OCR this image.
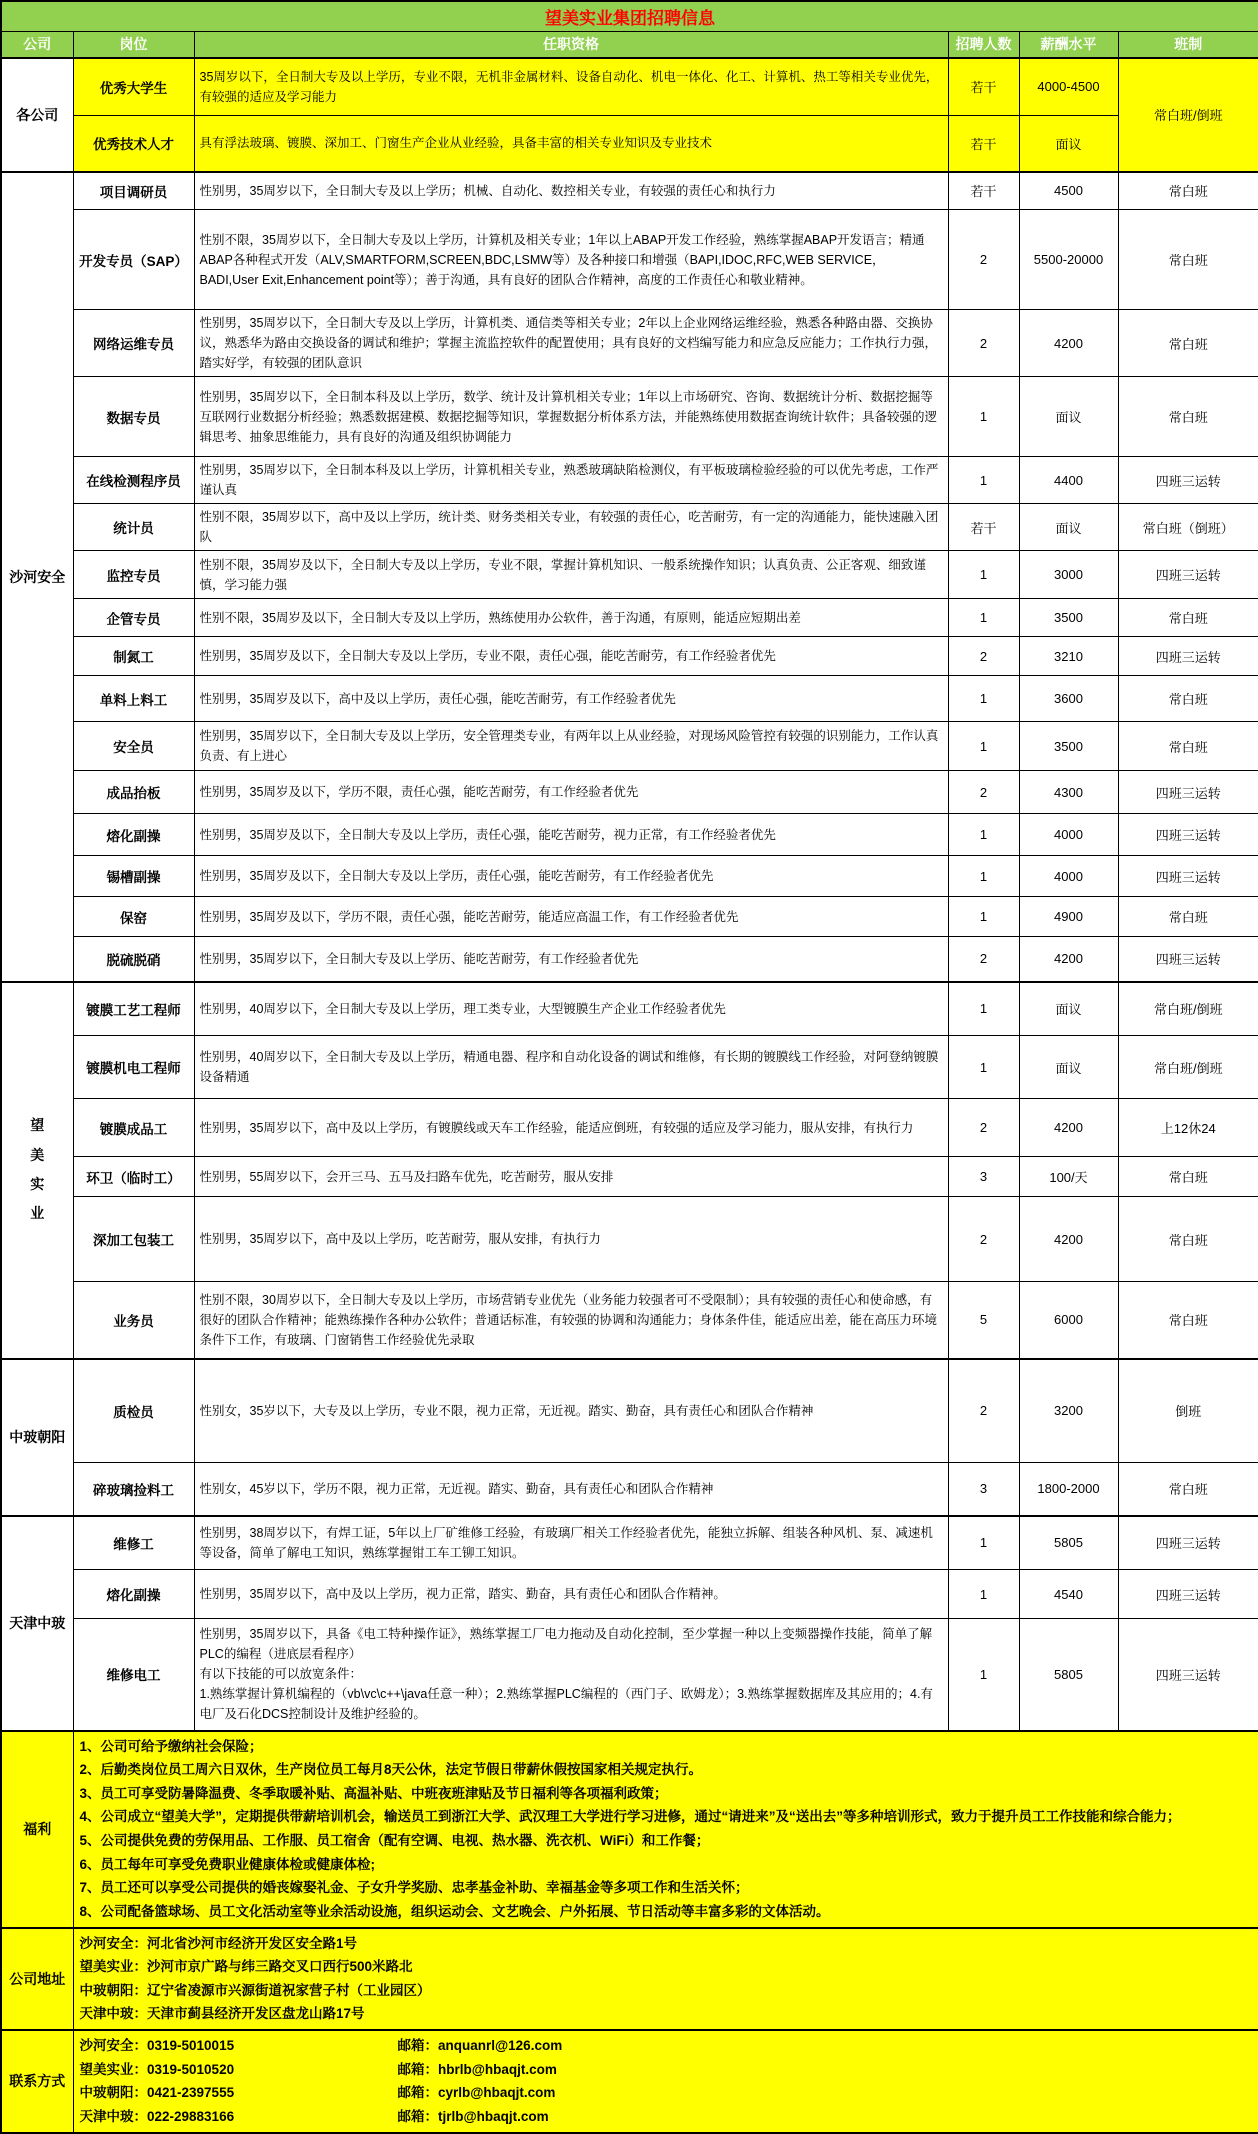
望美实业集团招聘信息					
公司	岗位	任职资格	招聘人数	薪酬水平	班制
各公司	优秀大学生	35周岁以下，全日制大专及以上学历，专业不限，无机非金属材料、设备自动化、机电一体化、化工、计算机、热工等相关专业优先，有较强的适应及学习能力	若干	4000-4500	常白班/倒班
	优秀技术人才	具有浮法玻璃、镀膜、深加工、门窗生产企业从业经验，具备丰富的相关专业知识及专业技术	若干	面议	
沙河安全	项目调研员	性别男，35周岁以下，全日制大专及以上学历；机械、自动化、数控相关专业，有较强的责任心和执行力	若干	4500	常白班
	开发专员（SAP）	性别不限，35周岁以下，全日制大专及以上学历，计算机及相关专业；1年以上ABAP开发工作经验，熟练掌握ABAP开发语言；精通ABAP各种程式开发（ALV,SMARTFORM,SCREEN,BDC,LSMW等）及各种接口和增强（BAPI,IDOC,RFC,WEB SERVICE，BADI,User Exit,Enhancement point等）；善于沟通，具有良好的团队合作精神，高度的工作责任心和敬业精神。	2	5500-20000	常白班
	网络运维专员	性别男，35周岁以下，全日制大专及以上学历，计算机类、通信类等相关专业；2年以上企业网络运维经验，熟悉各种路由器、交换协议，熟悉华为路由交换设备的调试和维护；掌握主流监控软件的配置使用；具有良好的文档编写能力和应急反应能力；工作执行力强，踏实好学，有较强的团队意识	2	4200	常白班
	数据专员	性别男，35周岁以下，全日制本科及以上学历，数学、统计及计算机相关专业；1年以上市场研究、咨询、数据统计分析、数据挖掘等互联网行业数据分析经验；熟悉数据建模、数据挖掘等知识，掌握数据分析体系方法，并能熟练使用数据查询统计软件；具备较强的逻辑思考、抽象思维能力，具有良好的沟通及组织协调能力	1	面议	常白班
	在线检测程序员	性别男，35周岁以下，全日制本科及以上学历，计算机相关专业，熟悉玻璃缺陷检测仪，有平板玻璃检验经验的可以优先考虑，工作严谨认真	1	4400	四班三运转
	统计员	性别不限，35周岁以下，高中及以上学历，统计类、财务类相关专业，有较强的责任心，吃苦耐劳，有一定的沟通能力，能快速融入团队	若干	面议	常白班（倒班）
	监控专员	性别不限，35周岁及以下，全日制大专及以上学历，专业不限，掌握计算机知识、一般系统操作知识；认真负责、公正客观、细致谨慎，学习能力强	1	3000	四班三运转
	企管专员	性别不限，35周岁及以下，全日制大专及以上学历，熟练使用办公软件，善于沟通，有原则，能适应短期出差	1	3500	常白班
	制氮工	性别男，35周岁及以下，全日制大专及以上学历，专业不限，责任心强，能吃苦耐劳，有工作经验者优先	2	3210	四班三运转
	单料上料工	性别男，35周岁及以下，高中及以上学历，责任心强，能吃苦耐劳，有工作经验者优先	1	3600	常白班
	安全员	性别男，35周岁以下，全日制大专及以上学历，安全管理类专业，有两年以上从业经验，对现场风险管控有较强的识别能力，工作认真负责、有上进心	1	3500	常白班
	成品抬板	性别男，35周岁及以下，学历不限，责任心强，能吃苦耐劳，有工作经验者优先	2	4300	四班三运转
	熔化副操	性别男，35周岁及以下，全日制大专及以上学历，责任心强，能吃苦耐劳，视力正常，有工作经验者优先	1	4000	四班三运转
	锡槽副操	性别男，35周岁及以下，全日制大专及以上学历，责任心强，能吃苦耐劳，有工作经验者优先	1	4000	四班三运转
	保窑	性别男，35周岁及以下，学历不限，责任心强，能吃苦耐劳，能适应高温工作，有工作经验者优先	1	4900	常白班
	脱硫脱硝	性别男，35周岁以下，全日制大专及以上学历、能吃苦耐劳，有工作经验者优先	2	4200	四班三运转
望美实业	镀膜工艺工程师	性别男，40周岁以下，全日制大专及以上学历，理工类专业，大型镀膜生产企业工作经验者优先	1	面议	常白班/倒班
	镀膜机电工程师	性别男，40周岁以下，全日制大专及以上学历，精通电器、程序和自动化设备的调试和维修，有长期的镀膜线工作经验，对阿登纳镀膜设备精通	1	面议	常白班/倒班
	镀膜成品工	性别男，35周岁以下，高中及以上学历，有镀膜线或天车工作经验，能适应倒班，有较强的适应及学习能力，服从安排，有执行力	2	4200	上12休24
	环卫（临时工）	性别男，55周岁以下，会开三马、五马及扫路车优先，吃苦耐劳，服从安排	3	100/天	常白班
	深加工包装工	性别男，35周岁以下，高中及以上学历，吃苦耐劳，服从安排，有执行力	2	4200	常白班
	业务员	性别不限，30周岁以下，全日制大专及以上学历，市场营销专业优先（业务能力较强者可不受限制）；具有较强的责任心和使命感，有很好的团队合作精神；能熟练操作各种办公软件；普通话标准，有较强的协调和沟通能力；身体条件佳，能适应出差，能在高压力环境条件下工作，有玻璃、门窗销售工作经验优先录取	5	6000	常白班
中玻朝阳	质检员	性别女，35岁以下，大专及以上学历，专业不限，视力正常，无近视。踏实、勤奋，具有责任心和团队合作精神	2	3200	倒班
	碎玻璃捡料工	性别女，45岁以下，学历不限，视力正常，无近视。踏实、勤奋，具有责任心和团队合作精神	3	1800-2000	常白班
天津中玻	维修工	性别男，38周岁以下，有焊工证，5年以上厂矿维修工经验，有玻璃厂相关工作经验者优先，能独立拆解、组装各种风机、泵、减速机等设备，简单了解电工知识，熟练掌握钳工车工铆工知识。	1	5805	四班三运转
	熔化副操	性别男，35周岁以下，高中及以上学历，视力正常，踏实、勤奋，具有责任心和团队合作精神。	1	4540	四班三运转
	维修电工	性别男，35周岁以下，具备《电工特种操作证》，熟练掌握工厂电力拖动及自动化控制，至少掌握一种以上变频器操作技能，简单了解PLC的编程（进底层看程序）
有以下技能的可以放宽条件：
1.熟练掌握计算机编程的（vb\vc\c++\java任意一种）；2.熟练掌握PLC编程的（西门子、欧姆龙）；3.熟练掌握数据库及其应用的；4.有电厂及石化DCS控制设计及维护经验的。	1	5805	四班三运转
福利	
1、公司可给予缴纳社会保险；
2、后勤类岗位员工周六日双休，生产岗位员工每月8天公休，法定节假日带薪休假按国家相关规定执行。
3、员工可享受防暑降温费、冬季取暖补贴、高温补贴、中班夜班津贴及节日福利等各项福利政策；
4、公司成立“望美大学”，定期提供带薪培训机会，输送员工到浙江大学、武汉理工大学进行学习进修，通过“请进来”及“送出去”等多种培训形式，致力于提升员工工作技能和综合能力；
5、公司提供免费的劳保用品、工作服、员工宿舍（配有空调、电视、热水器、洗衣机、WiFi）和工作餐；
6、员工每年可享受免费职业健康体检或健康体检;
7、员工还可以享受公司提供的婚丧嫁娶礼金、子女升学奖励、忠孝基金补助、幸福基金等多项工作和生活关怀；
8、公司配备篮球场、员工文化活动室等业余活动设施，组织运动会、文艺晚会、户外拓展、节日活动等丰富多彩的文体活动。

公司地址	沙河安全：河北省沙河市经济开发区安全路1号
望美实业：沙河市京广路与纬三路交叉口西行500米路北
中玻朝阳：辽宁省凌源市兴源街道祝家营子村（工业园区）
天津中玻：天津市蓟县经济开发区盘龙山路17号				

联系方式	沙河安全：0319-5010015 邮箱：anquanrl@126.com
望美实业：0319-5010520 邮箱：hbrlb@hbaqjt.com
中玻朝阳：0421-2397555 邮箱：cyrlb@hbaqjt.com
天津中玻：022-29883166 邮箱：tjrlb@hbaqjt.com				
